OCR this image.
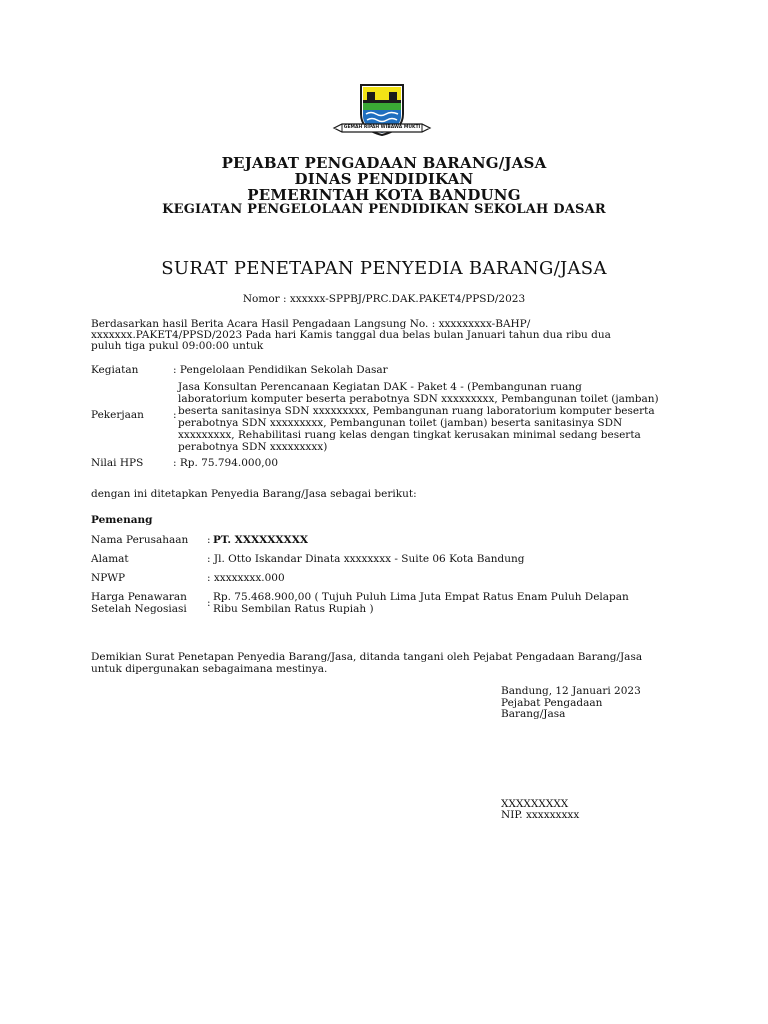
GEMAH RIPAH WIBAWA MUKTI
PEJABAT PENGADAAN BARANG/JASA
DINAS PENDIDIKAN
PEMERINTAH KOTA BANDUNG
KEGIATAN PENGELOLAAN PENDIDIKAN SEKOLAH DASAR
SURAT PENETAPAN PENYEDIA BARANG/JASA
Nomor : xxxxxx-SPPBJ/PRC.DAK.PAKET4/PPSD/2023
Berdasarkan hasil Berita Acara Hasil Pengadaan Langsung No. : xxxxxxxxx-BAHP/
xxxxxxx.PAKET4/PPSD/2023 Pada hari Kamis tanggal dua belas bulan Januari tahun dua ribu dua
puluh tiga pukul 09:00:00 untuk
Kegiatan	: Pengelolaan Pendidikan Sekolah Dasar
Pekerjaan	:
Jasa Konsultan Perencanaan Kegiatan DAK - Paket 4 - (Pembangunan ruang
laboratorium komputer beserta perabotnya SDN xxxxxxxxx, Pembangunan toilet (jamban)
beserta sanitasinya SDN xxxxxxxxx, Pembangunan ruang laboratorium komputer beserta
perabotnya SDN xxxxxxxxx, Pembangunan toilet (jamban) beserta sanitasinya SDN
xxxxxxxxx, Rehabilitasi ruang kelas dengan tingkat kerusakan minimal sedang beserta
perabotnya SDN xxxxxxxxx)
Nilai HPS	: Rp. 75.794.000,00
dengan ini ditetapkan Penyedia Barang/Jasa sebagai berikut:
Pemenang
Nama Perusahaan : PT. XXXXXXXXX
Alamat	: Jl. Otto Iskandar Dinata xxxxxxxx - Suite 06 Kota Bandung
NPWP	: xxxxxxxx.000
Harga Penawaran
Setelah Negosiasi : Rp. 75.468.900,00 ( Tujuh Puluh Lima Juta Empat Ratus Enam Puluh Delapan
Ribu Sembilan Ratus Rupiah )
Demikian Surat Penetapan Penyedia Barang/Jasa, ditanda tangani oleh Pejabat Pengadaan Barang/Jasa
untuk dipergunakan sebagaimana mestinya.
Bandung, 12 Januari 2023
Pejabat Pengadaan
Barang/Jasa
XXXXXXXXX
NIP. xxxxxxxxx
